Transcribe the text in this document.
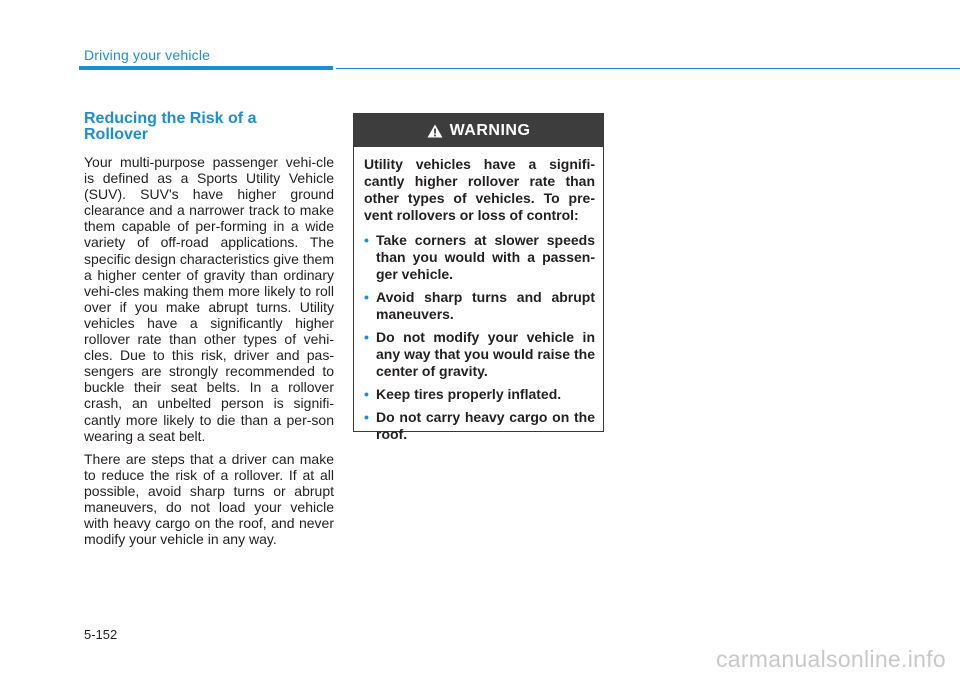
Driving your vehicle
Reducing the Risk of a
Rollover

Your multi-purpose passenger vehi-cle is defined as a Sports Utility Vehicle (SUV). SUV's have higher ground clearance and a narrower track to make them capable of per-forming in a wide variety of off-road applications. The specific design characteristics give them a higher center of gravity than ordinary vehi-cles making them more likely to roll over if you make abrupt turns. Utility vehicles have a significantly higher rollover rate than other types of vehi-cles. Due to this risk, driver and pas-sengers are strongly recommended to buckle their seat belts. In a rollover crash, an unbelted person is signifi-cantly more likely to die than a per-son wearing a seat belt.

There are steps that a driver can make to reduce the risk of a rollover. If at all possible, avoid sharp turns or abrupt maneuvers, do not load your vehicle with heavy cargo on the roof, and never modify your vehicle in any way.

WARNING

Utility vehicles have a signifi-cantly higher rollover rate than other types of vehicles. To pre-vent rollovers or loss of control:

• Take corners at slower speeds than you would with a passen-ger vehicle.
• Avoid sharp turns and abrupt maneuvers.
• Do not modify your vehicle in any way that you would raise the center of gravity.
• Keep tires properly inflated.
• Do not carry heavy cargo on the roof.
5-152
carmanualsonline.info
